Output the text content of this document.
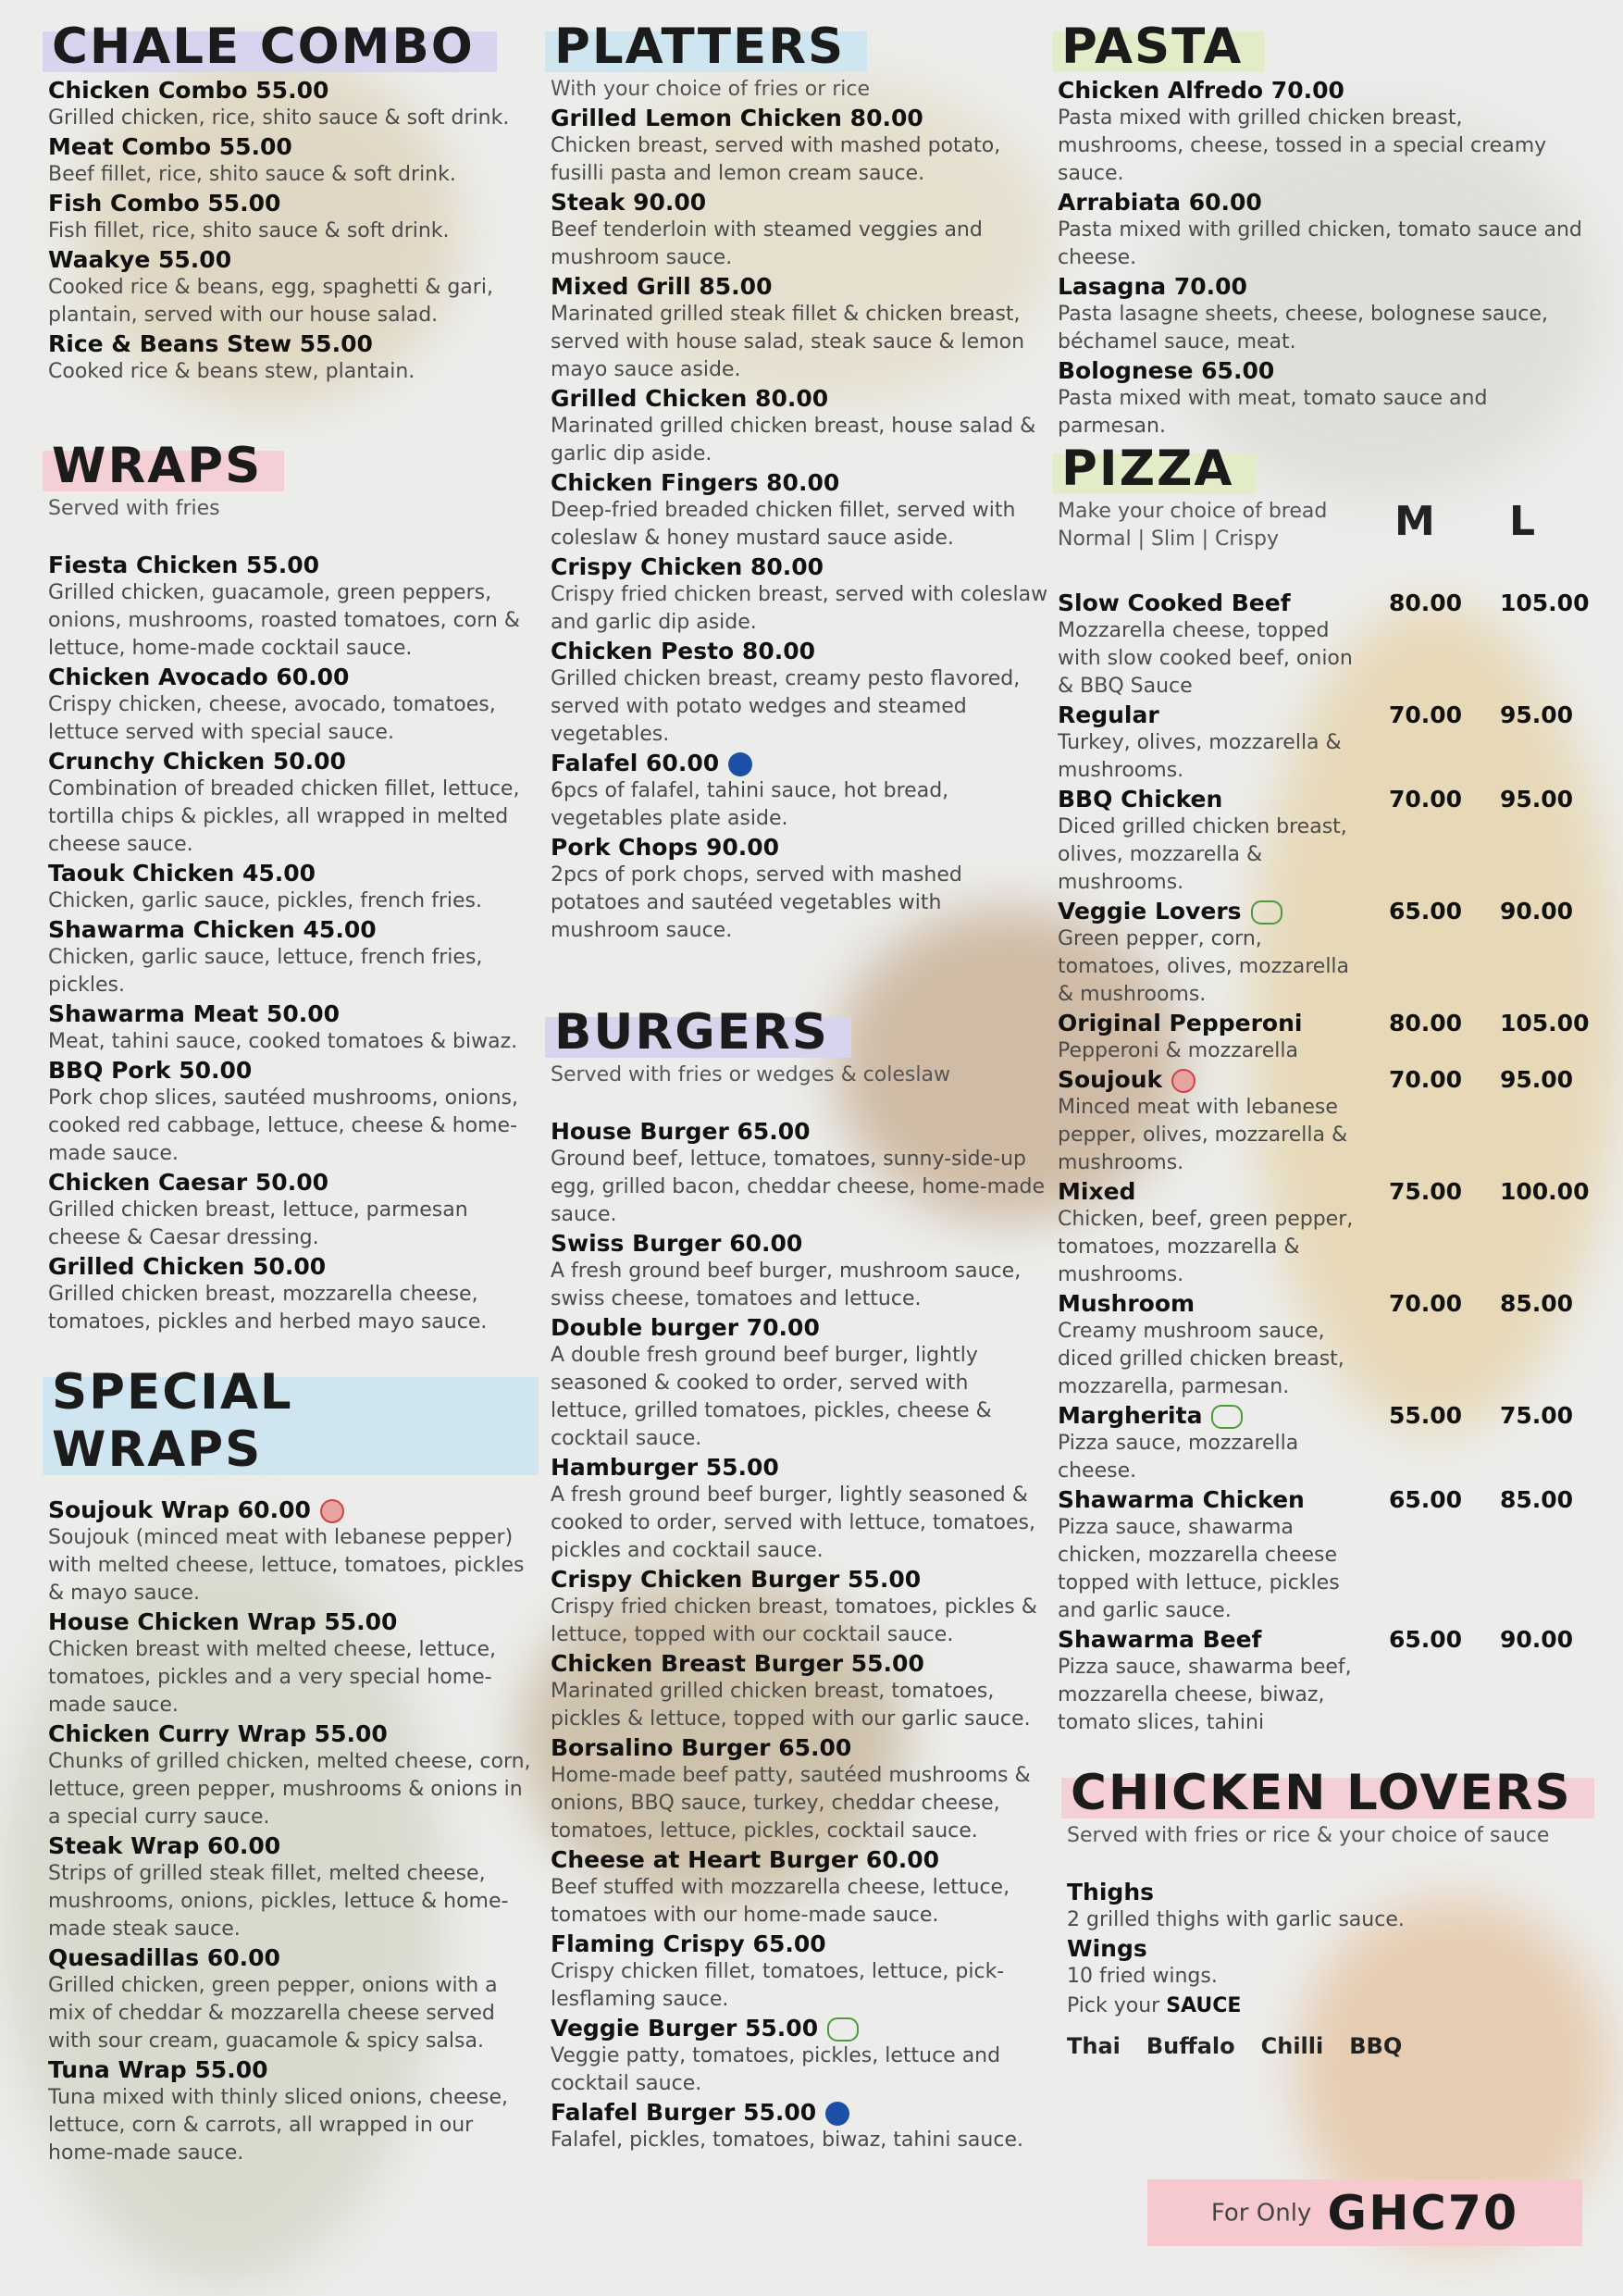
CHALE COMBO
Chicken Combo 55.00
Grilled chicken, rice, shito sauce & soft drink.
Meat Combo 55.00
Beef fillet, rice, shito sauce & soft drink.
Fish Combo 55.00
Fish fillet, rice, shito sauce & soft drink.
Waakye 55.00
Cooked rice & beans, egg, spaghetti & gari, plantain, served with our house salad.
Rice & Beans Stew 55.00
Cooked rice & beans stew, plantain.
WRAPS
Served with fries
Fiesta Chicken 55.00
Grilled chicken, guacamole, green peppers, onions, mushrooms, roasted tomatoes, corn & lettuce, home-made cocktail sauce.
Chicken Avocado 60.00
Crispy chicken, cheese, avocado, tomatoes, lettuce served with special sauce.
Crunchy Chicken 50.00
Combination of breaded chicken fillet, lettuce, tortilla chips & pickles, all wrapped in melted cheese sauce.
Taouk Chicken 45.00
Chicken, garlic sauce, pickles, french fries.
Shawarma Chicken 45.00
Chicken, garlic sauce, lettuce, french fries, pickles.
Shawarma Meat 50.00
Meat, tahini sauce, cooked tomatoes & biwaz.
BBQ Pork 50.00
Pork chop slices, sautéed mushrooms, onions, cooked red cabbage, lettuce, cheese & home-made sauce.
Chicken Caesar 50.00
Grilled chicken breast, lettuce, parmesan cheese & Caesar dressing.
Grilled Chicken 50.00
Grilled chicken breast, mozzarella cheese, tomatoes, pickles and herbed mayo sauce.
SPECIAL WRAPS
Soujouk Wrap 60.00
Soujouk (minced meat with lebanese pepper) with melted cheese, lettuce, tomatoes, pickles & mayo sauce.
House Chicken Wrap 55.00
Chicken breast with melted cheese, lettuce, tomatoes, pickles and a very special home-made sauce.
Chicken Curry Wrap 55.00
Chunks of grilled chicken, melted cheese, corn, lettuce, green pepper, mushrooms & onions in a special curry sauce.
Steak Wrap 60.00
Strips of grilled steak fillet, melted cheese, mushrooms, onions, pickles, lettuce & home-made steak sauce.
Quesadillas 60.00
Grilled chicken, green pepper, onions with a mix of cheddar & mozzarella cheese served with sour cream, guacamole & spicy salsa.
Tuna Wrap 55.00
Tuna mixed with thinly sliced onions, cheese, lettuce, corn & carrots, all wrapped in our home-made sauce.
PLATTERS
With your choice of fries or rice
Grilled Lemon Chicken 80.00
Chicken breast, served with mashed potato, fusilli pasta and lemon cream sauce.
Steak 90.00
Beef tenderloin with steamed veggies and mushroom sauce.
Mixed Grill 85.00
Marinated grilled steak fillet & chicken breast, served with house salad, steak sauce & lemon mayo sauce aside.
Grilled Chicken 80.00
Marinated grilled chicken breast, house salad & garlic dip aside.
Chicken Fingers 80.00
Deep-fried breaded chicken fillet, served with coleslaw & honey mustard sauce aside.
Crispy Chicken 80.00
Crispy fried chicken breast, served with coleslaw and garlic dip aside.
Chicken Pesto 80.00
Grilled chicken breast, creamy pesto flavored, served with potato wedges and steamed vegetables.
Falafel 60.00
6pcs of falafel, tahini sauce, hot bread, vegetables plate aside.
Pork Chops 90.00
2pcs of pork chops, served with mashed potatoes and sautéed vegetables with mushroom sauce.
BURGERS
Served with fries or wedges & coleslaw
House Burger 65.00
Ground beef, lettuce, tomatoes, sunny-side-up egg, grilled bacon, cheddar cheese, home-made sauce.
Swiss Burger 60.00
A fresh ground beef burger, mushroom sauce, swiss cheese, tomatoes and lettuce.
Double burger 70.00
A double fresh ground beef burger, lightly seasoned & cooked to order, served with lettuce, grilled tomatoes, pickles, cheese & cocktail sauce.
Hamburger 55.00
A fresh ground beef burger, lightly seasoned & cooked to order, served with lettuce, tomatoes, pickles and cocktail sauce.
Crispy Chicken Burger 55.00
Crispy fried chicken breast, tomatoes, pickles & lettuce, topped with our cocktail sauce.
Chicken Breast Burger 55.00
Marinated grilled chicken breast, tomatoes, pickles & lettuce, topped with our garlic sauce.
Borsalino Burger 65.00
Home-made beef patty, sautéed mushrooms & onions, BBQ sauce, turkey, cheddar cheese, tomatoes, lettuce, pickles, cocktail sauce.
Cheese at Heart Burger 60.00
Beef stuffed with mozzarella cheese, lettuce, tomatoes with our home-made sauce.
Flaming Crispy 65.00
Crispy chicken fillet, tomatoes, lettuce, pick-lesflaming sauce.
Veggie Burger 55.00
Veggie patty, tomatoes, pickles, lettuce and cocktail sauce.
Falafel Burger 55.00
Falafel, pickles, tomatoes, biwaz, tahini sauce.
PASTA
Chicken Alfredo 70.00
Pasta mixed with grilled chicken breast, mushrooms, cheese, tossed in a special creamy sauce.
Arrabiata 60.00
Pasta mixed with grilled chicken, tomato sauce and cheese.
Lasagna 70.00
Pasta lasagne sheets, cheese, bolognese sauce, béchamel sauce, meat.
Bolognese 65.00
Pasta mixed with meat, tomato sauce and parmesan.
PIZZA
Make your choice of bread Normal | Slim | Crispy	M L
Slow Cooked Beef
Mozzarella cheese, topped with slow cooked beef, onion & BBQ Sauce
80.00 105.00
Regular
Turkey, olives, mozzarella & mushrooms.
70.00 95.00
BBQ Chicken
Diced grilled chicken breast, olives, mozzarella & mushrooms.
70.00 95.00
Veggie Lovers
Green pepper, corn, tomatoes, olives, mozzarella & mushrooms.
65.00 90.00
Original Pepperoni
Pepperoni & mozzarella
80.00 105.00
Soujouk
Minced meat with lebanese pepper, olives, mozzarella & mushrooms.
70.00 95.00
Mixed
Chicken, beef, green pepper, tomatoes, mozzarella & mushrooms.
75.00 100.00
Mushroom
Creamy mushroom sauce, diced grilled chicken breast, mozzarella, parmesan.
70.00 85.00
Margherita
Pizza sauce, mozzarella cheese.
55.00 75.00
Shawarma Chicken
Pizza sauce, shawarma chicken, mozzarella cheese topped with lettuce, pickles and garlic sauce.
65.00 85.00
Shawarma Beef
Pizza sauce, shawarma beef, mozzarella cheese, biwaz, tomato slices, tahini
65.00 90.00
CHICKEN LOVERS
Served with fries or rice & your choice of sauce
Thighs
2 grilled thighs with garlic sauce.
Wings
10 fried wings.
Pick your SAUCE
Thai Buffalo Chilli BBQ
For Only GHC70
